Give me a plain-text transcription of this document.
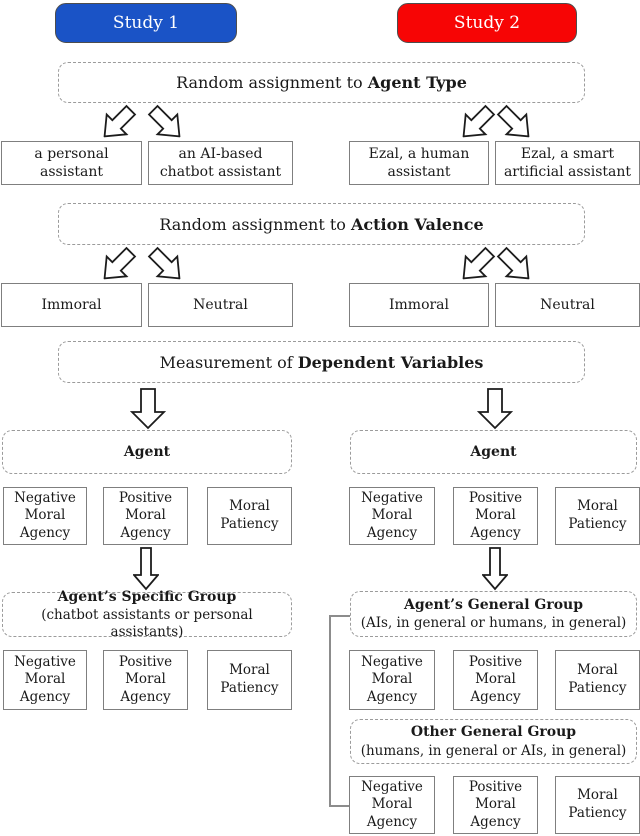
Study 1	Study 2
Random assignment to Agent Type
a personal assistant
an AI-based chatbot assistant
Ezal, a human assistant
Ezal, a smart artificial assistant
Random assignment to Action Valence
Immoral	Neutral	Immoral	Neutral
Measurement of Dependent Variables
Agent	Agent
Negative Moral Agency
Positive Moral Agency
Moral Patiency
Negative Moral Agency
Positive Moral Agency
Moral Patiency
Agent’s Specific Group
(chatbot assistants or personal assistants)
Agent’s General Group
(AIs, in general or humans, in general)
Negative Moral Agency
Positive Moral Agency
Moral Patiency
Negative Moral Agency
Positive Moral Agency
Moral Patiency
Other General Group
(humans, in general or AIs, in general)
Negative Moral Agency
Positive Moral Agency
Moral Patiency
